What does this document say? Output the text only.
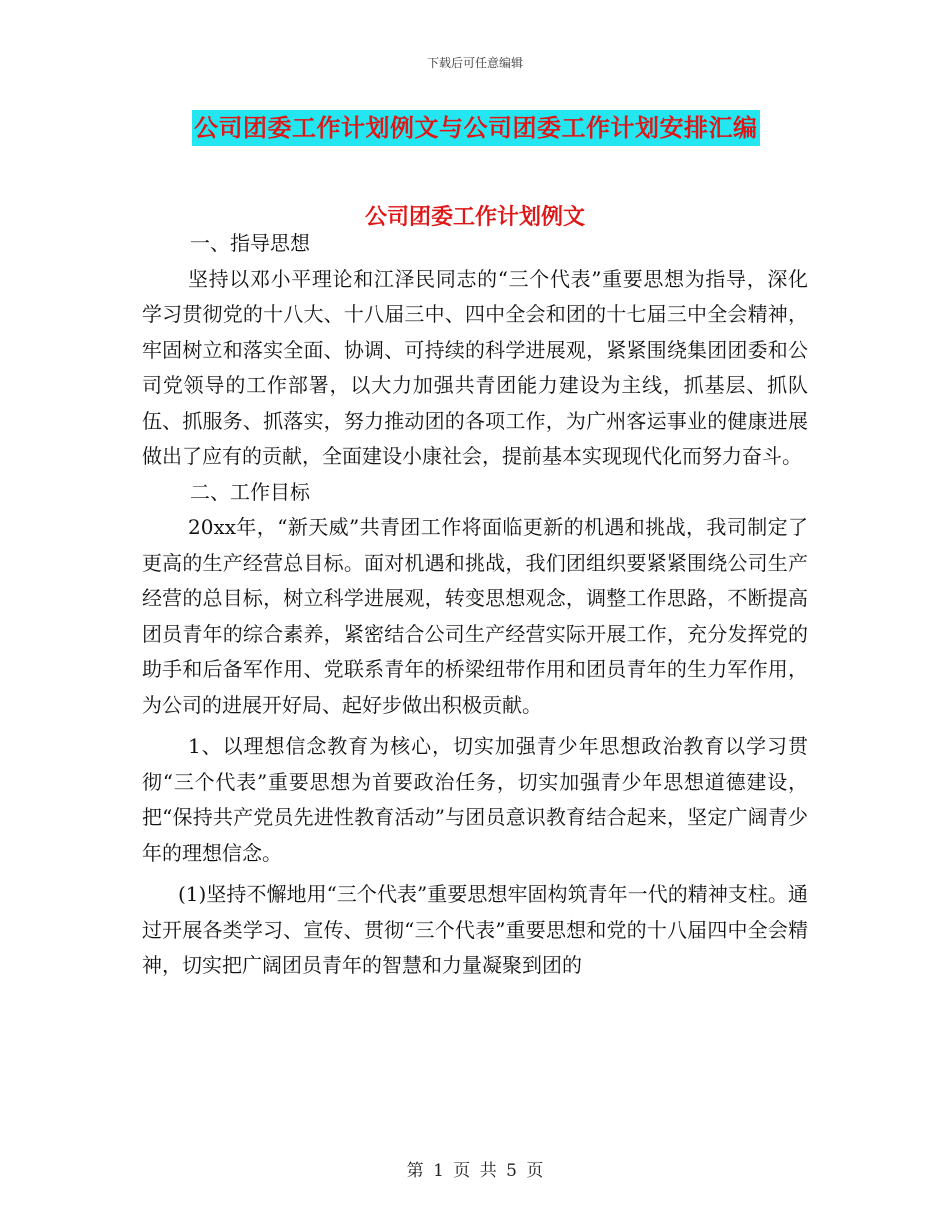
下载后可任意编辑
公司团委工作计划例文与公司团委工作计划安排汇编
公司团委工作计划例文

一、指导思想

坚持以邓小平理论和江泽民同志的“三个代表”重要思想为指导，深化学习贯彻党的十八大、十八届三中、四中全会和团的十七届三中全会精神，牢固树立和落实全面、协调、可持续的科学进展观，紧紧围绕集团团委和公司党领导的工作部署，以大力加强共青团能力建设为主线，抓基层、抓队伍、抓服务、抓落实，努力推动团的各项工作，为广州客运事业的健康进展做出了应有的贡献，全面建设小康社会，提前基本实现现代化而努力奋斗。

二、工作目标

20xx年，“新天威”共青团工作将面临更新的机遇和挑战，我司制定了更高的生产经营总目标。面对机遇和挑战，我们团组织要紧紧围绕公司生产经营的总目标，树立科学进展观，转变思想观念，调整工作思路，不断提高团员青年的综合素养，紧密结合公司生产经营实际开展工作，充分发挥党的助手和后备军作用、党联系青年的桥梁纽带作用和团员青年的生力军作用，为公司的进展开好局、起好步做出积极贡献。

1、以理想信念教育为核心，切实加强青少年思想政治教育以学习贯彻“三个代表”重要思想为首要政治任务，切实加强青少年思想道德建设，把“保持共产党员先进性教育活动”与团员意识教育结合起来，坚定广阔青少年的理想信念。

(1)坚持不懈地用“三个代表”重要思想牢固构筑青年一代的精神支柱。通过开展各类学习、宣传、贯彻“三个代表”重要思想和党的十八届四中全会精神，切实把广阔团员青年的智慧和力量凝聚到团的

第 1 页 共 5 页
